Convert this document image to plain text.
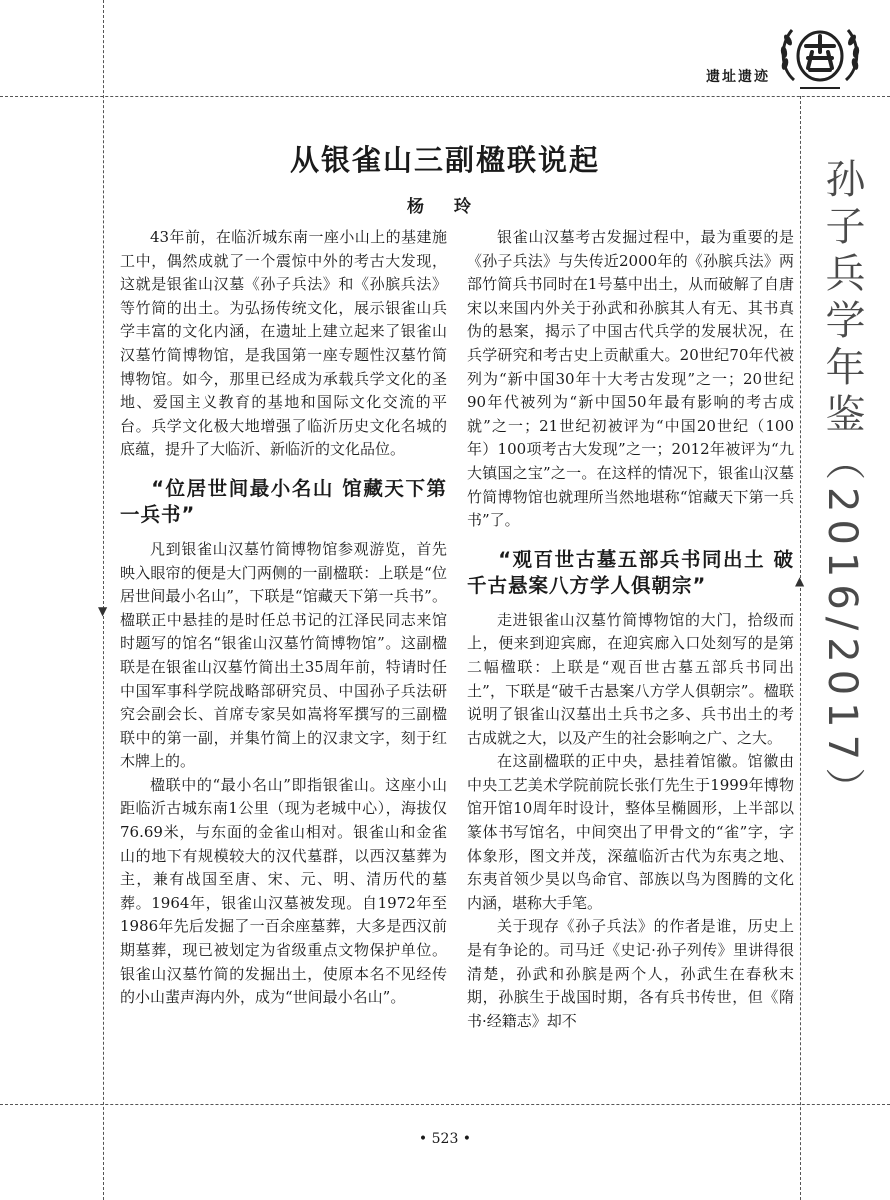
▼
▲
遗址遗迹
从银雀山三副楹联说起
杨 玲	孙子兵学年鉴（2016/2017）

43年前，在临沂城东南一座小山上的基建施工中，偶然成就了一个震惊中外的考古大发现，这就是银雀山汉墓《孙子兵法》和《孙膑兵法》等竹简的出土。为弘扬传统文化，展示银雀山兵学丰富的文化内涵，在遗址上建立起来了银雀山汉墓竹简博物馆，是我国第一座专题性汉墓竹简博物馆。如今，那里已经成为承载兵学文化的圣地、爱国主义教育的基地和国际文化交流的平台。兵学文化极大地增强了临沂历史文化名城的底蕴，提升了大临沂、新临沂的文化品位。

“位居世间最小名山 馆藏天下第一兵书”

凡到银雀山汉墓竹简博物馆参观游览，首先映入眼帘的便是大门两侧的一副楹联：上联是“位居世间最小名山”，下联是“馆藏天下第一兵书”。楹联正中悬挂的是时任总书记的江泽民同志来馆时题写的馆名“银雀山汉墓竹简博物馆”。这副楹联是在银雀山汉墓竹简出土35周年前，特请时任中国军事科学院战略部研究员、中国孙子兵法研究会副会长、首席专家吴如嵩将军撰写的三副楹联中的第一副，并集竹简上的汉隶文字，刻于红木牌上的。

楹联中的“最小名山”即指银雀山。这座小山距临沂古城东南1公里（现为老城中心），海拔仅76.69米，与东面的金雀山相对。银雀山和金雀山的地下有规模较大的汉代墓群，以西汉墓葬为主，兼有战国至唐、宋、元、明、清历代的墓葬。1964年，银雀山汉墓被发现。自1972年至1986年先后发掘了一百余座墓葬，大多是西汉前期墓葬，现已被划定为省级重点文物保护单位。银雀山汉墓竹简的发掘出土，使原本名不见经传的小山蜚声海内外，成为“世间最小名山”。

银雀山汉墓考古发掘过程中，最为重要的是《孙子兵法》与失传近2000年的《孙膑兵法》两部竹简兵书同时在1号墓中出土，从而破解了自唐宋以来国内外关于孙武和孙膑其人有无、其书真伪的悬案，揭示了中国古代兵学的发展状况，在兵学研究和考古史上贡献重大。20世纪70年代被列为“新中国30年十大考古发现”之一；20世纪90年代被列为“新中国50年最有影响的考古成就”之一；21世纪初被评为“中国20世纪（100年）100项考古大发现”之一；2012年被评为“九大镇国之宝”之一。在这样的情况下，银雀山汉墓竹简博物馆也就理所当然地堪称“馆藏天下第一兵书”了。

“观百世古墓五部兵书同出土 破千古悬案八方学人俱朝宗”

走进银雀山汉墓竹简博物馆的大门，拾级而上，便来到迎宾廊，在迎宾廊入口处刻写的是第二幅楹联：上联是“观百世古墓五部兵书同出土”，下联是“破千古悬案八方学人俱朝宗”。楹联说明了银雀山汉墓出土兵书之多、兵书出土的考古成就之大，以及产生的社会影响之广、之大。

在这副楹联的正中央，悬挂着馆徽。馆徽由中央工艺美术学院前院长张仃先生于1999年博物馆开馆10周年时设计，整体呈椭圆形，上半部以篆体书写馆名，中间突出了甲骨文的“雀”字，字体象形，图文并茂，深蕴临沂古代为东夷之地、东夷首领少昊以鸟命官、部族以鸟为图腾的文化内涵，堪称大手笔。

关于现存《孙子兵法》的作者是谁，历史上是有争论的。司马迁《史记·孙子列传》里讲得很清楚，孙武和孙膑是两个人，孙武生在春秋末期，孙膑生于战国时期，各有兵书传世，但《隋书·经籍志》却不

• 523 •
